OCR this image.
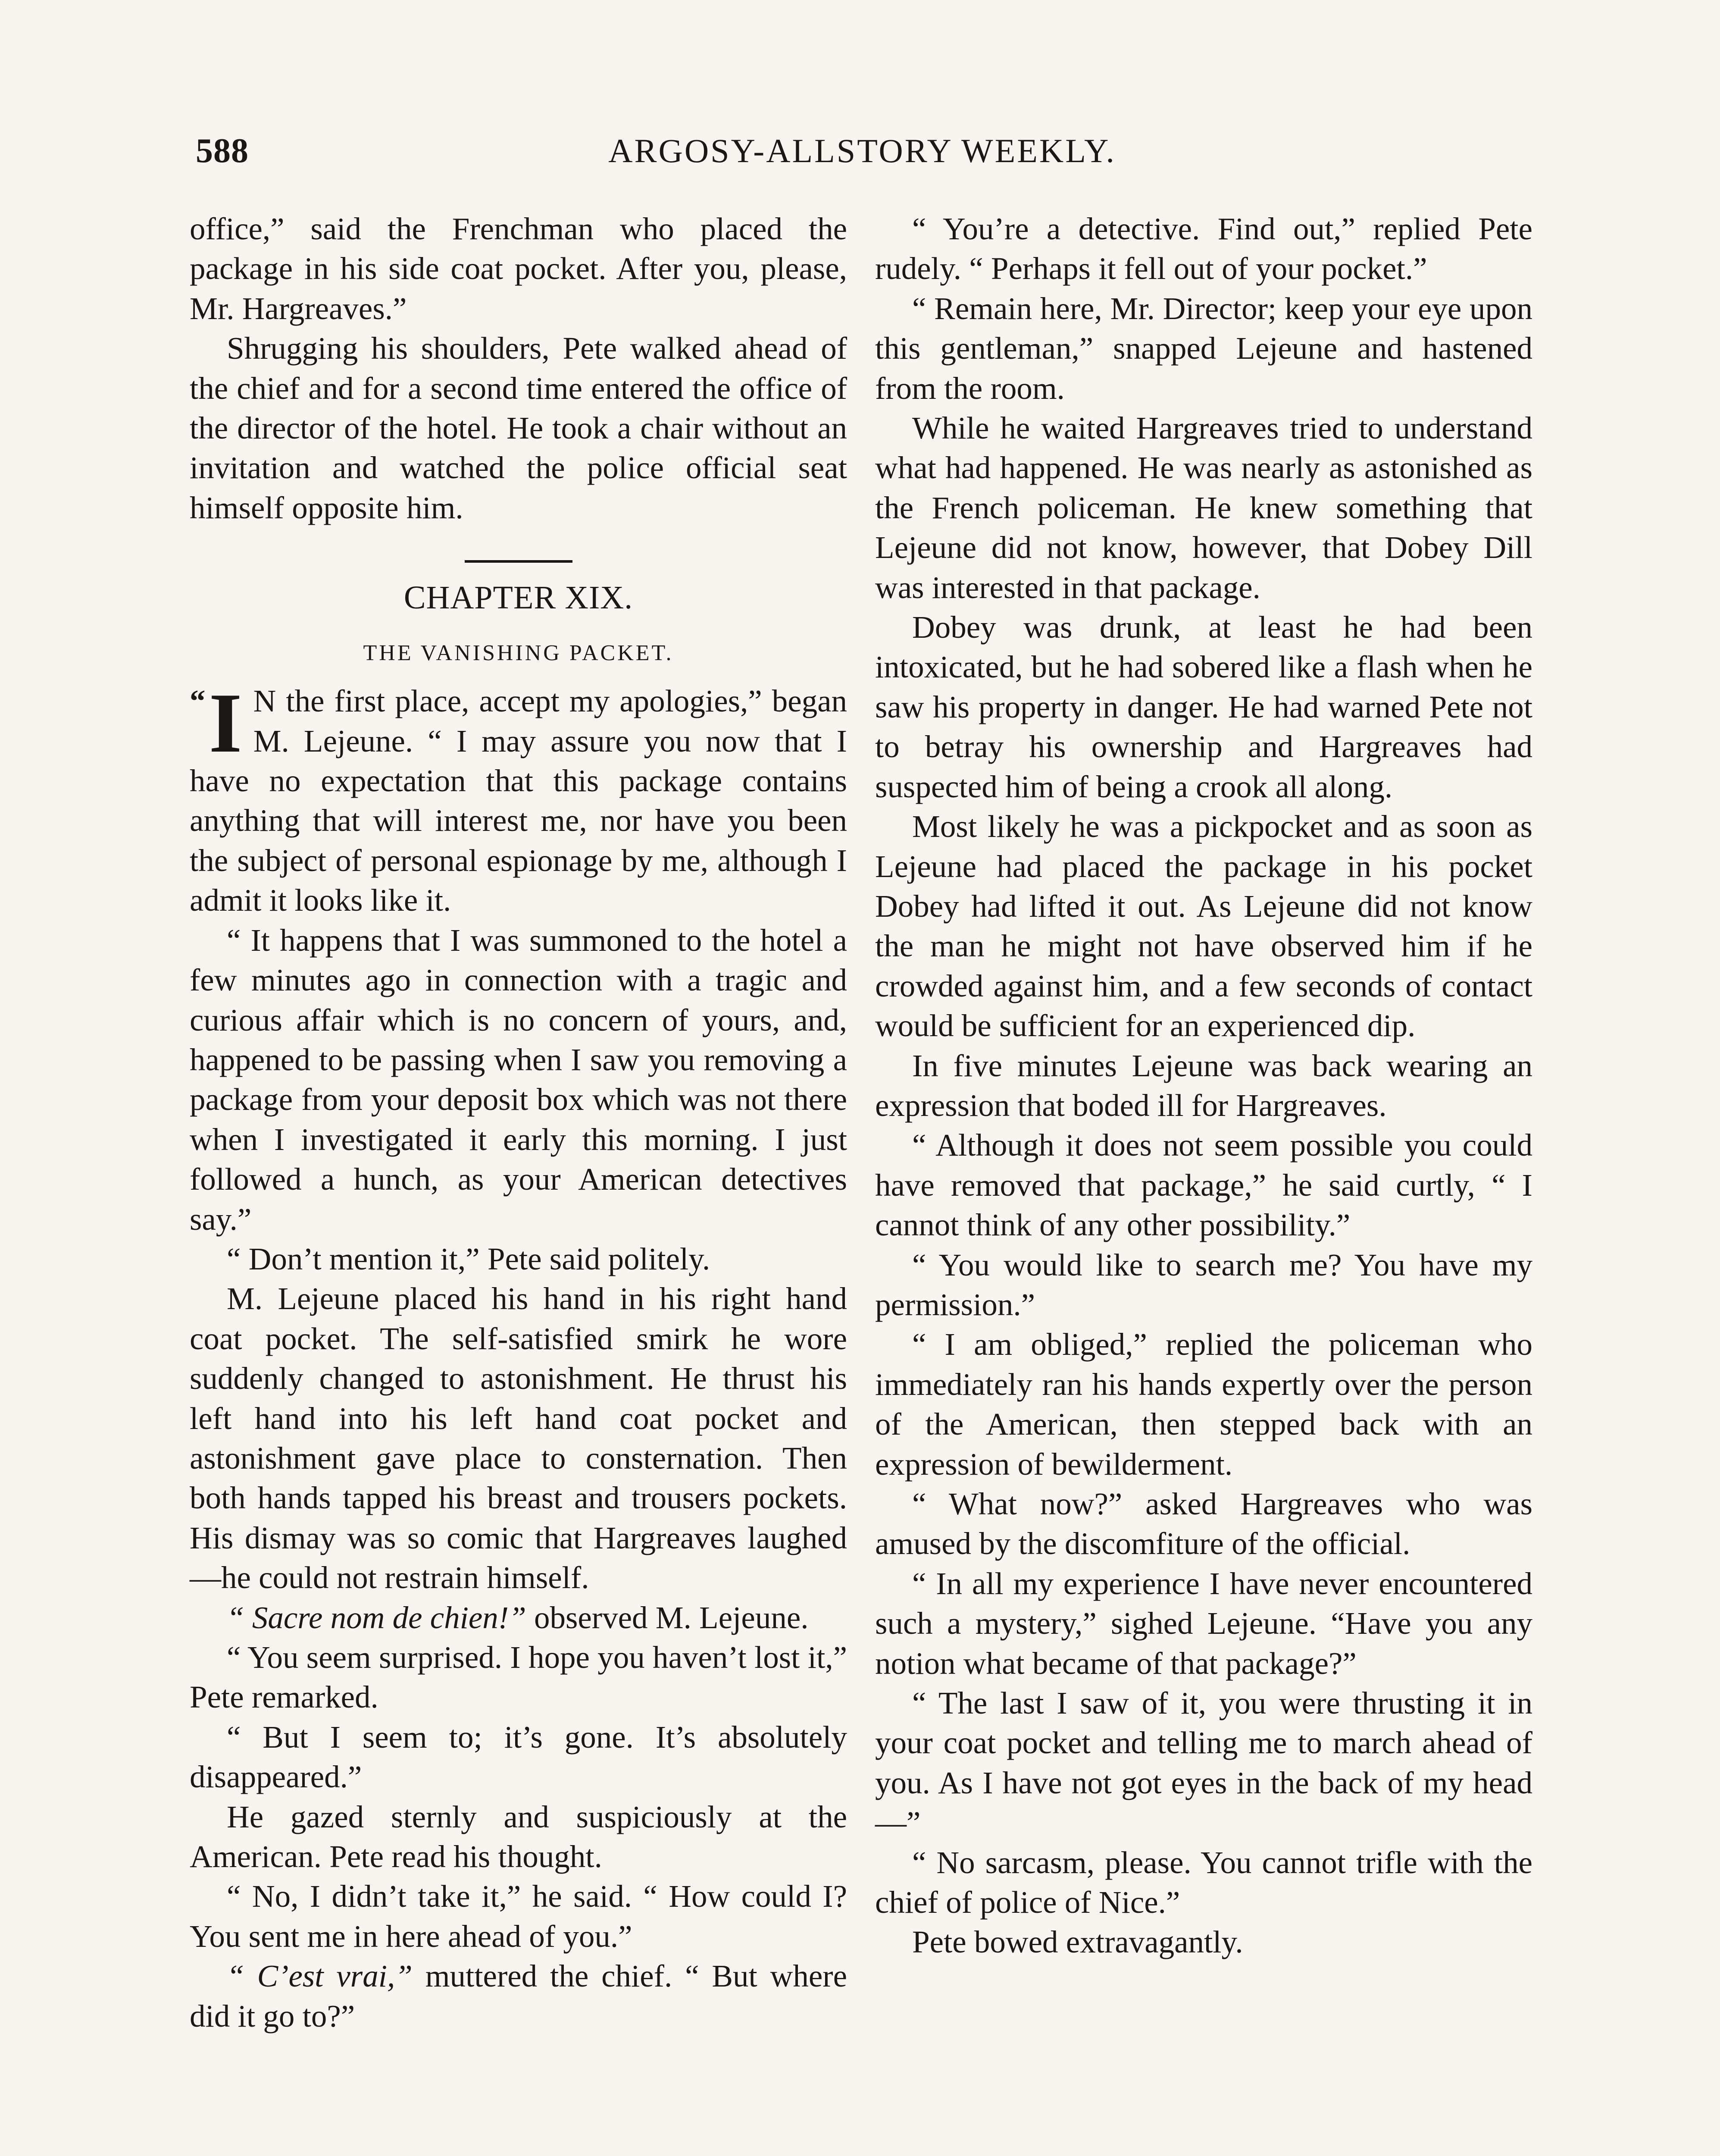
588	ARGOSY-ALLSTORY WEEKLY.

office,” said the Frenchman who placed the package in his side coat pocket. After you, please, Mr. Hargreaves.”

Shrugging his shoulders, Pete walked ahead of the chief and for a second time entered the office of the director of the hotel. He took a chair without an invitation and watched the police official seat himself opposite him.

CHAPTER XIX.
THE VANISHING PACKET.

“ I N the first place, accept my apologies,” began M. Lejeune. “ I may assure you now that I have no expectation that this package contains anything that will interest me, nor have you been the subject of personal espionage by me, although I admit it looks like it.

“ It happens that I was summoned to the hotel a few minutes ago in connection with a tragic and curious affair which is no concern of yours, and, happened to be passing when I saw you removing a package from your deposit box which was not there when I investigated it early this morning. I just followed a hunch, as your American detectives say.”

“ Don’t mention it,” Pete said politely.

M. Lejeune placed his hand in his right hand coat pocket. The self-satisfied smirk he wore suddenly changed to astonishment. He thrust his left hand into his left hand coat pocket and astonishment gave place to consternation. Then both hands tapped his breast and trousers pockets. His dismay was so comic that Hargreaves laughed—he could not restrain himself.

“ Sacre nom de chien!” observed M. Lejeune.

“ You seem surprised. I hope you haven’t lost it,” Pete remarked.

“ But I seem to; it’s gone. It’s absolutely disappeared.”

He gazed sternly and suspiciously at the American. Pete read his thought.

“ No, I didn’t take it,” he said. “ How could I? You sent me in here ahead of you.”

“ C’est vrai,” muttered the chief. “ But where did it go to?”

“ You’re a detective. Find out,” replied Pete rudely. “ Perhaps it fell out of your pocket.”

“ Remain here, Mr. Director; keep your eye upon this gentleman,” snapped Lejeune and hastened from the room.

While he waited Hargreaves tried to understand what had happened. He was nearly as astonished as the French policeman. He knew something that Lejeune did not know, however, that Dobey Dill was interested in that package.

Dobey was drunk, at least he had been intoxicated, but he had sobered like a flash when he saw his property in danger. He had warned Pete not to betray his ownership and Hargreaves had suspected him of being a crook all along.

Most likely he was a pickpocket and as soon as Lejeune had placed the package in his pocket Dobey had lifted it out. As Lejeune did not know the man he might not have observed him if he crowded against him, and a few seconds of contact would be sufficient for an experienced dip.

In five minutes Lejeune was back wearing an expression that boded ill for Hargreaves.

“ Although it does not seem possible you could have removed that package,” he said curtly, “ I cannot think of any other possibility.”

“ You would like to search me? You have my permission.”

“ I am obliged,” replied the policeman who immediately ran his hands expertly over the person of the American, then stepped back with an expression of bewilderment.

“ What now?” asked Hargreaves who was amused by the discomfiture of the official.

“ In all my experience I have never encountered such a mystery,” sighed Lejeune. “Have you any notion what became of that package?”

“ The last I saw of it, you were thrusting it in your coat pocket and telling me to march ahead of you. As I have not got eyes in the back of my head—”

“ No sarcasm, please. You cannot trifle with the chief of police of Nice.”

Pete bowed extravagantly.
